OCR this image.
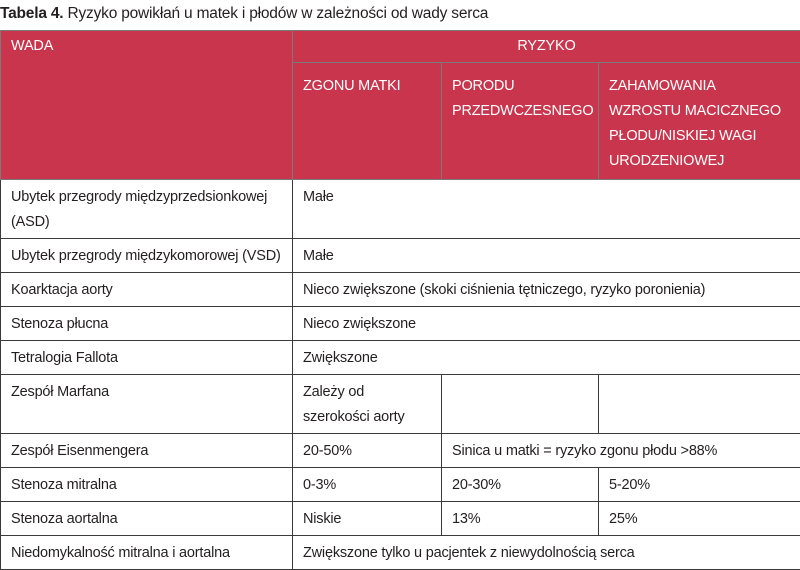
Tabela 4. Ryzyko powikłań u matek i płodów w zależności od wady serca
WADA	RYZYKO		
	ZGONU MATKI	PORODU PRZEDWCZESNEGO	ZAHAMOWANIA WZROSTU MACICZNEGO PŁODU/NISKIEJ WAGI URODZENIOWEJ
Ubytek przegrody międzyprzedsionkowej (ASD)	Małe		
Ubytek przegrody międzykomorowej (VSD)	Małe		
Koarktacja aorty	Nieco zwiększone (skoki ciśnienia tętniczego, ryzyko poronienia)		
Stenoza płucna	Nieco zwiększone		
Tetralogia Fallota	Zwiększone		
Zespół Marfana	Zależy od szerokości aorty		
Zespół Eisenmengera	20-50%	Sinica u matki = ryzyko zgonu płodu >88%	
Stenoza mitralna	0-3%	20-30%	5-20%
Stenoza aortalna	Niskie	13%	25%
Niedomykalność mitralna i aortalna	Zwiększone tylko u pacjentek z niewydolnością serca		
